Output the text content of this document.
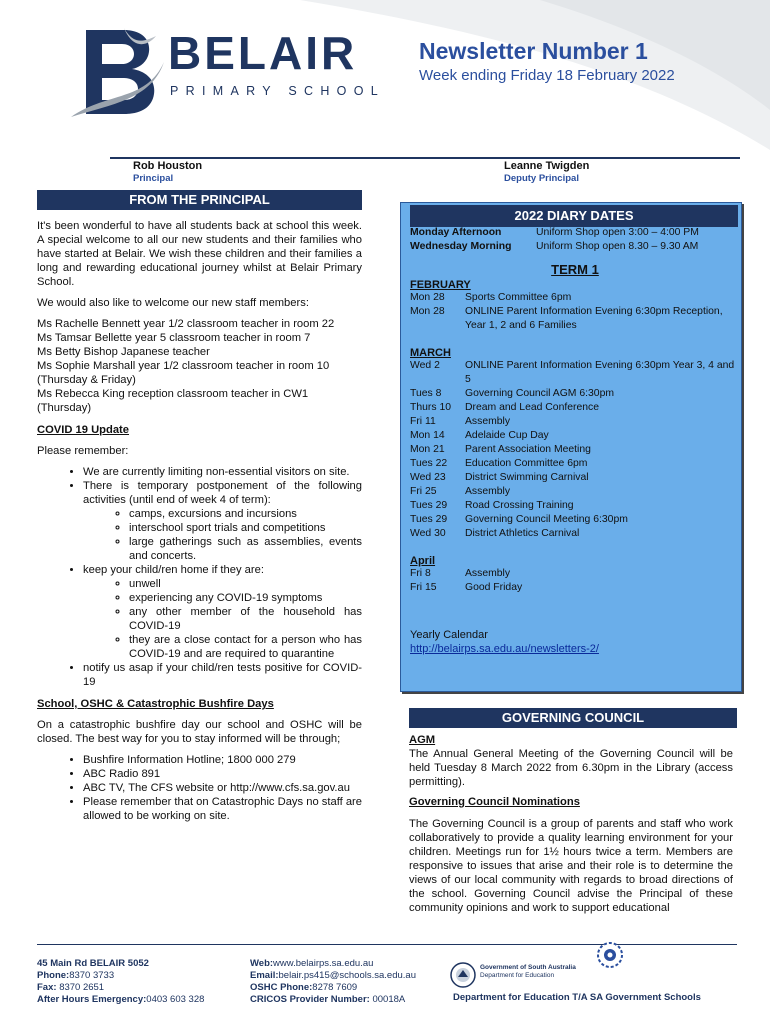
BELAIR
PRIMARY SCHOOL
Newsletter Number 1
Week ending Friday 18 February 2022
Rob Houston
Principal
Leanne Twigden
Deputy Principal
FROM THE PRINCIPAL

It's been wonderful to have all students back at school this week. A special welcome to all our new students and their families who have started at Belair. We wish these children and their families a long and rewarding educational journey whilst at Belair Primary School.

We would also like to welcome our new staff members:

Ms Rachelle Bennett year 1/2 classroom teacher in room 22

Ms Tamsar Bellette year 5 classroom teacher in room 7

Ms Betty Bishop Japanese teacher

Ms Sophie Marshall year 1/2 classroom teacher in room 10 (Thursday & Friday)

Ms Rebecca King reception classroom teacher in CW1 (Thursday)

COVID 19 Update

Please remember:

• We are currently limiting non-essential visitors on site.
• There is temporary postponement of the following activities (until end of week 4 of term):
◦ camps, excursions and incursions
◦ interschool sport trials and competitions
◦ large gatherings such as assemblies, events and concerts.
• keep your child/ren home if they are:
◦ unwell
◦ experiencing any COVID-19 symptoms
◦ any other member of the household has COVID-19
◦ they are a close contact for a person who has COVID-19 and are required to quarantine
• notify us asap if your child/ren tests positive for COVID-19

School, OSHC & Catastrophic Bushfire Days

On a catastrophic bushfire day our school and OSHC will be closed. The best way for you to stay informed will be through;

• Bushfire Information Hotline; 1800 000 279
• ABC Radio 891
• ABC TV, The CFS website or http://www.cfs.sa.gov.au
• Please remember that on Catastrophic Days no staff are allowed to be working on site.
2022 DIARY DATES
Monday Afternoon	Uniform Shop open 3:00 – 4:00 PM
Wednesday Morning Uniform Shop open 8.30 – 9.30 AM
TERM 1
FEBRUARY
Mon 28 Sports Committee 6pm
Mon 28 ONLINE Parent Information Evening 6:30pm Reception, Year 1, 2 and 6 Families
MARCH
Wed 2 ONLINE Parent Information Evening 6:30pm Year 3, 4 and 5
Tues 8 Governing Council AGM 6:30pm
Thurs 10 Dream and Lead Conference
Fri 11	Assembly
Mon 14 Adelaide Cup Day
Mon 21 Parent Association Meeting
Tues 22 Education Committee 6pm
Wed 23 District Swimming Carnival
Fri 25	Assembly
Tues 29 Road Crossing Training
Tues 29 Governing Council Meeting 6:30pm
Wed 30 District Athletics Carnival
April
Fri 8	Assembly
Fri 15	Good Friday
Yearly Calendar
http://belairps.sa.edu.au/newsletters-2/
GOVERNING COUNCIL
AGM

The Annual General Meeting of the Governing Council will be held Tuesday 8 March 2022 from 6.30pm in the Library (access permitting).

Governing Council Nominations

The Governing Council is a group of parents and staff who work collaboratively to provide a quality learning environment for your children. Meetings run for 1½ hours twice a term. Members are responsive to issues that arise and their role is to determine the views of our local community with regards to broad directions of the school. Governing Council advise the Principal of these community opinions and work to support educational

45 Main Rd BELAIR 5052
Phone:8370 3733
Fax: 8370 2651
After Hours Emergency:0403 603 328
Web:www.belairps.sa.edu.au
Email:belair.ps415@schools.sa.edu.au
OSHC Phone:8278 7609
CRICOS Provider Number: 00018A
Government of South Australia
Department for Education
Department for Education T/A SA Government Schools
